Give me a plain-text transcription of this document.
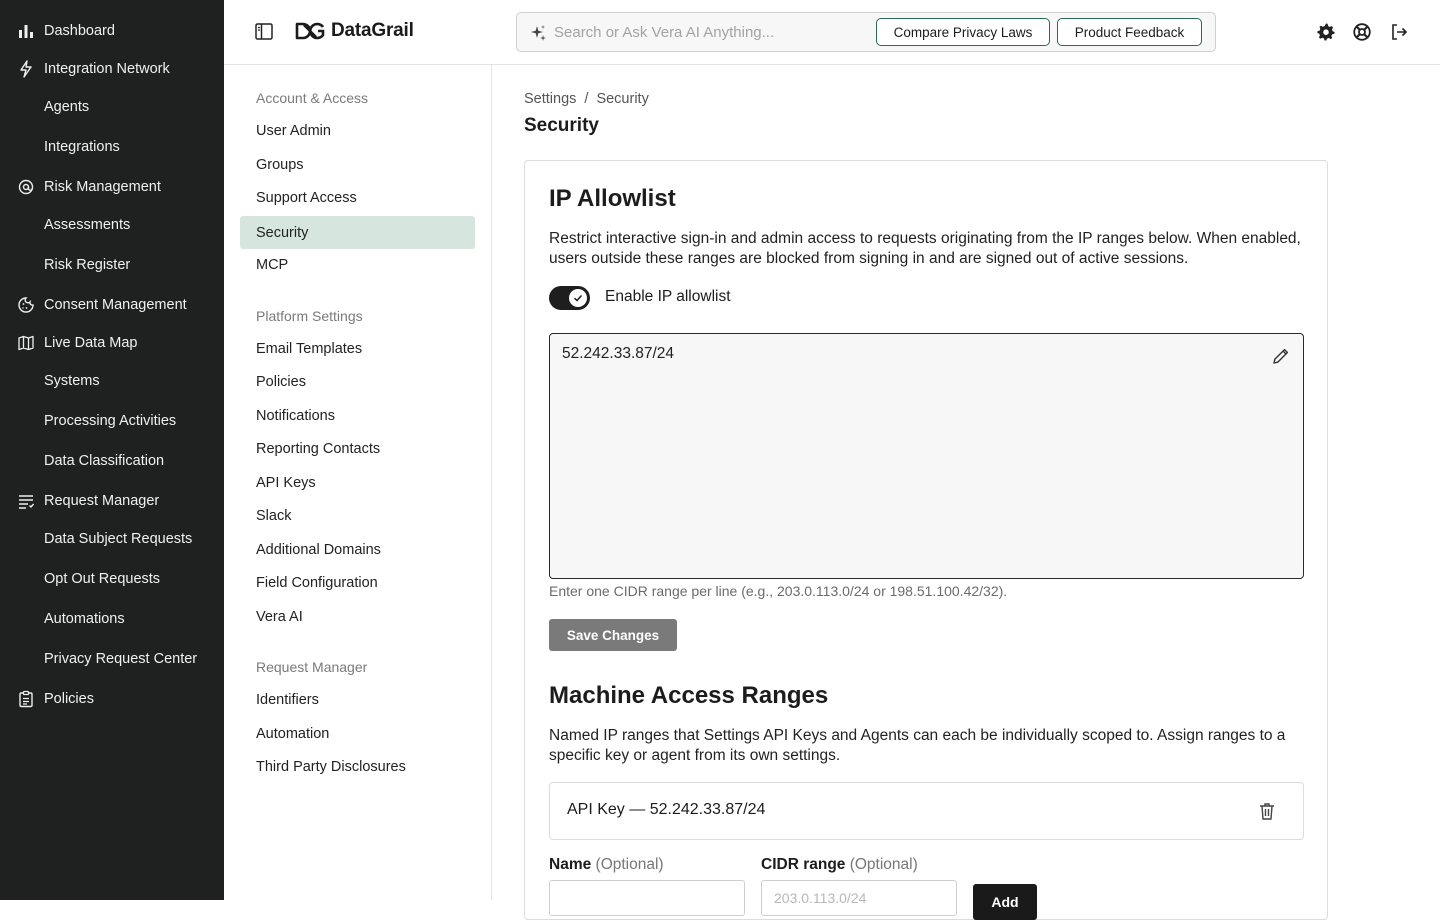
Dashboard
Integration Network
Agents
Integrations
Risk Management
Assessments
Risk Register
Consent Management
Live Data Map
Systems
Processing Activities
Data Classification
Request Manager
Data Subject Requests
Opt Out Requests
Automations
Privacy Request Center
Policies
DataGrail
Search or Ask Vera AI Anything...	Compare Privacy Laws	Product Feedback
Account & Access
User Admin
Groups
Support Access
Security
MCP
Platform Settings
Email Templates
Policies
Notifications
Reporting Contacts
API Keys
Slack
Additional Domains
Field Configuration
Vera AI
Request Manager
Identifiers
Automation
Third Party Disclosures
Settings / Security
Security
IP Allowlist

Restrict interactive sign-in and admin access to requests originating from the IP ranges below. When enabled, users outside these ranges are blocked from signing in and are signed out of active sessions.

Enable IP allowlist
52.242.33.87/24

Enter one CIDR range per line (e.g., 203.0.113.0/24 or 198.51.100.42/32).

Save Changes
Machine Access Ranges

Named IP ranges that Settings API Keys and Agents can each be individually scoped to. Assign ranges to a specific key or agent from its own settings.

API Key — 52.242.33.87/24
Name (Optional)	CIDR range (Optional)
203.0.113.0/24
Add
